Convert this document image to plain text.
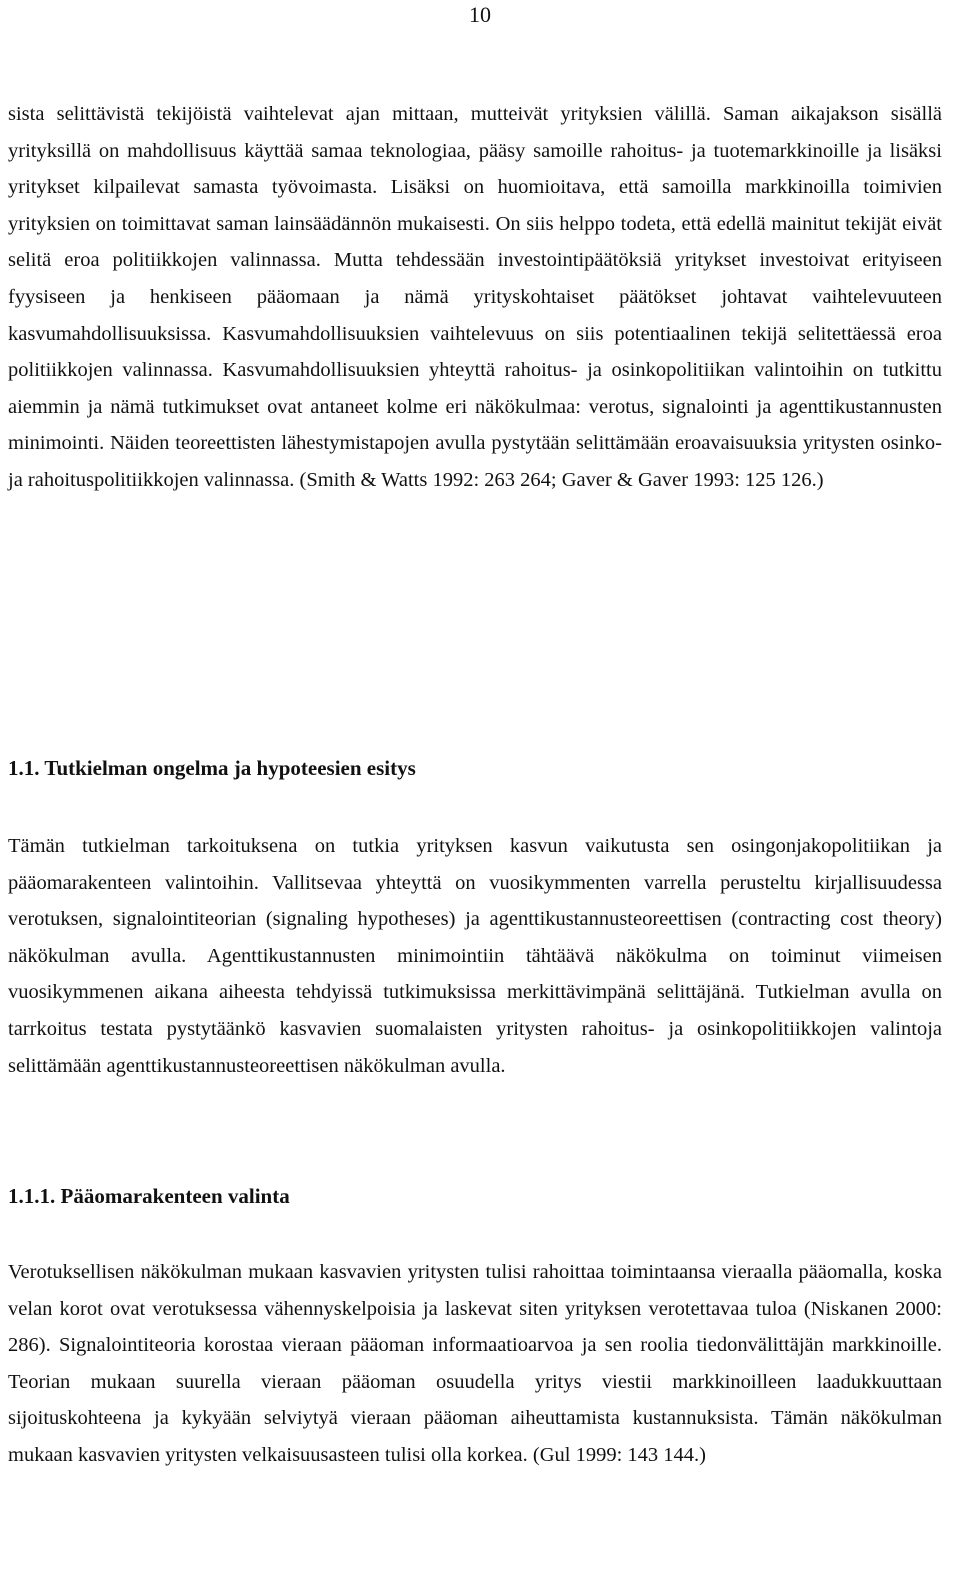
10

sista selittävistä tekijöistä vaihtelevat ajan mittaan, mutteivät yrityksien välillä. Saman aikajakson sisällä yrityksillä on mahdollisuus käyttää samaa teknologiaa, pääsy samoille rahoitus- ja tuotemarkkinoille ja lisäksi yritykset kilpailevat samasta työvoimasta. Lisäksi on huomioitava, että samoilla markkinoilla toimivien yrityksien on toimittavat saman lainsäädännön mukaisesti. On siis helppo todeta, että edellä mainitut tekijät eivät selitä eroa politiikkojen valinnassa. Mutta tehdessään investointipäätöksiä yritykset investoivat erityiseen fyysiseen ja henkiseen pääomaan ja nämä yrityskohtaiset päätökset johtavat vaihtelevuuteen kasvumahdollisuuksissa. Kasvumahdollisuuksien vaihtelevuus on siis potentiaalinen tekijä selitettäessä eroa politiikkojen valinnassa. Kasvumahdollisuuksien yhteyttä rahoitus- ja osinkopolitiikan valintoihin on tutkittu aiemmin ja nämä tutkimukset ovat antaneet kolme eri näkökulmaa: verotus, signalointi ja agenttikustannusten minimointi. Näiden teoreettisten lähestymistapojen avulla pystytään selittämään eroavaisuuksia yritysten osinko- ja rahoituspolitiikkojen valinnassa. (Smith & Watts 1992: 263 264; Gaver & Gaver 1993: 125 126.)

1.1. Tutkielman ongelma ja hypoteesien esitys

Tämän tutkielman tarkoituksena on tutkia yrityksen kasvun vaikutusta sen osingonjakopolitiikan ja pääomarakenteen valintoihin. Vallitsevaa yhteyttä on vuosikymmenten varrella perusteltu kirjallisuudessa verotuksen, signalointiteorian (signaling hypotheses) ja agenttikustannusteoreettisen (contracting cost theory) näkökulman avulla. Agenttikustannusten minimointiin tähtäävä näkökulma on toiminut viimeisen vuosikymmenen aikana aiheesta tehdyissä tutkimuksissa merkittävimpänä selittäjänä. Tutkielman avulla on tarrkoitus testata pystytäänkö kasvavien suomalaisten yritysten rahoitus- ja osinkopolitiikkojen valintoja selittämään agenttikustannusteoreettisen näkökulman avulla.

1.1.1. Pääomarakenteen valinta

Verotuksellisen näkökulman mukaan kasvavien yritysten tulisi rahoittaa toimintaansa vieraalla pääomalla, koska velan korot ovat verotuksessa vähennyskelpoisia ja laskevat siten yrityksen verotettavaa tuloa (Niskanen 2000: 286). Signalointiteoria korostaa vieraan pääoman informaatioarvoa ja sen roolia tiedonvälittäjän markkinoille. Teorian mukaan suurella vieraan pääoman osuudella yritys viestii markkinoilleen laadukkuuttaan sijoituskohteena ja kykyään selviytyä vieraan pääoman aiheuttamista kustannuksista. Tämän näkökulman mukaan kasvavien yritysten velkaisuusasteen tulisi olla korkea. (Gul 1999: 143 144.)
